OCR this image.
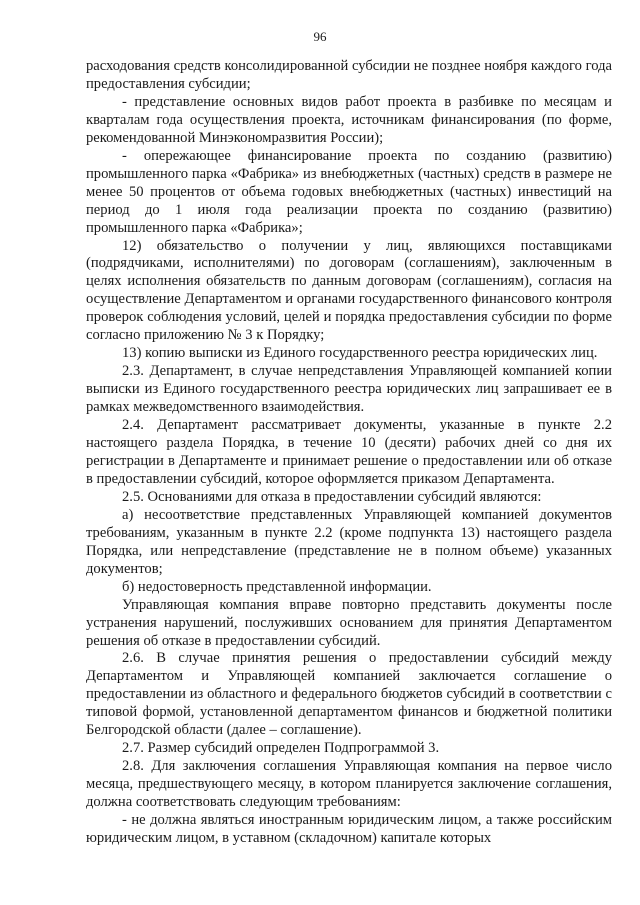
96

расходования средств консолидированной субсидии не позднее ноября каждого года предоставления субсидии;

- представление основных видов работ проекта в разбивке по месяцам и кварталам года осуществления проекта, источникам финансирования (по форме, рекомендованной Минэкономразвития России);

- опережающее финансирование проекта по созданию (развитию) промышленного парка «Фабрика» из внебюджетных (частных) средств в размере не менее 50 процентов от объема годовых внебюджетных (частных) инвестиций на период до 1 июля года реализации проекта по созданию (развитию) промышленного парка «Фабрика»;

12) обязательство о получении у лиц, являющихся поставщиками (подрядчиками, исполнителями) по договорам (соглашениям), заключенным в целях исполнения обязательств по данным договорам (соглашениям), согласия на осуществление Департаментом и органами государственного финансового контроля проверок соблюдения условий, целей и порядка предоставления субсидии по форме согласно приложению № 3 к Порядку;

13) копию выписки из Единого государственного реестра юридических лиц.

2.3. Департамент, в случае непредставления Управляющей компанией копии выписки из Единого государственного реестра юридических лиц запрашивает ее в рамках межведомственного взаимодействия.

2.4. Департамент рассматривает документы, указанные в пункте 2.2 настоящего раздела Порядка, в течение 10 (десяти) рабочих дней со дня их регистрации в Департаменте и принимает решение о предоставлении или об отказе в предоставлении субсидий, которое оформляется приказом Департамента.

2.5. Основаниями для отказа в предоставлении субсидий являются:

а) несоответствие представленных Управляющей компанией документов требованиям, указанным в пункте 2.2 (кроме подпункта 13) настоящего раздела Порядка, или непредставление (представление не в полном объеме) указанных документов;

б) недостоверность представленной информации.

Управляющая компания вправе повторно представить документы после устранения нарушений, послуживших основанием для принятия Департаментом решения об отказе в предоставлении субсидий.

2.6. В случае принятия решения о предоставлении субсидий между Департаментом и Управляющей компанией заключается соглашение о предоставлении из областного и федерального бюджетов субсидий в соответствии с типовой формой, установленной департаментом финансов и бюджетной политики Белгородской области (далее – соглашение).

2.7. Размер субсидий определен Подпрограммой 3.

2.8. Для заключения соглашения Управляющая компания на первое число месяца, предшествующего месяцу, в котором планируется заключение соглашения, должна соответствовать следующим требованиям:

- не должна являться иностранным юридическим лицом, а также российским юридическим лицом, в уставном (складочном) капитале которых
